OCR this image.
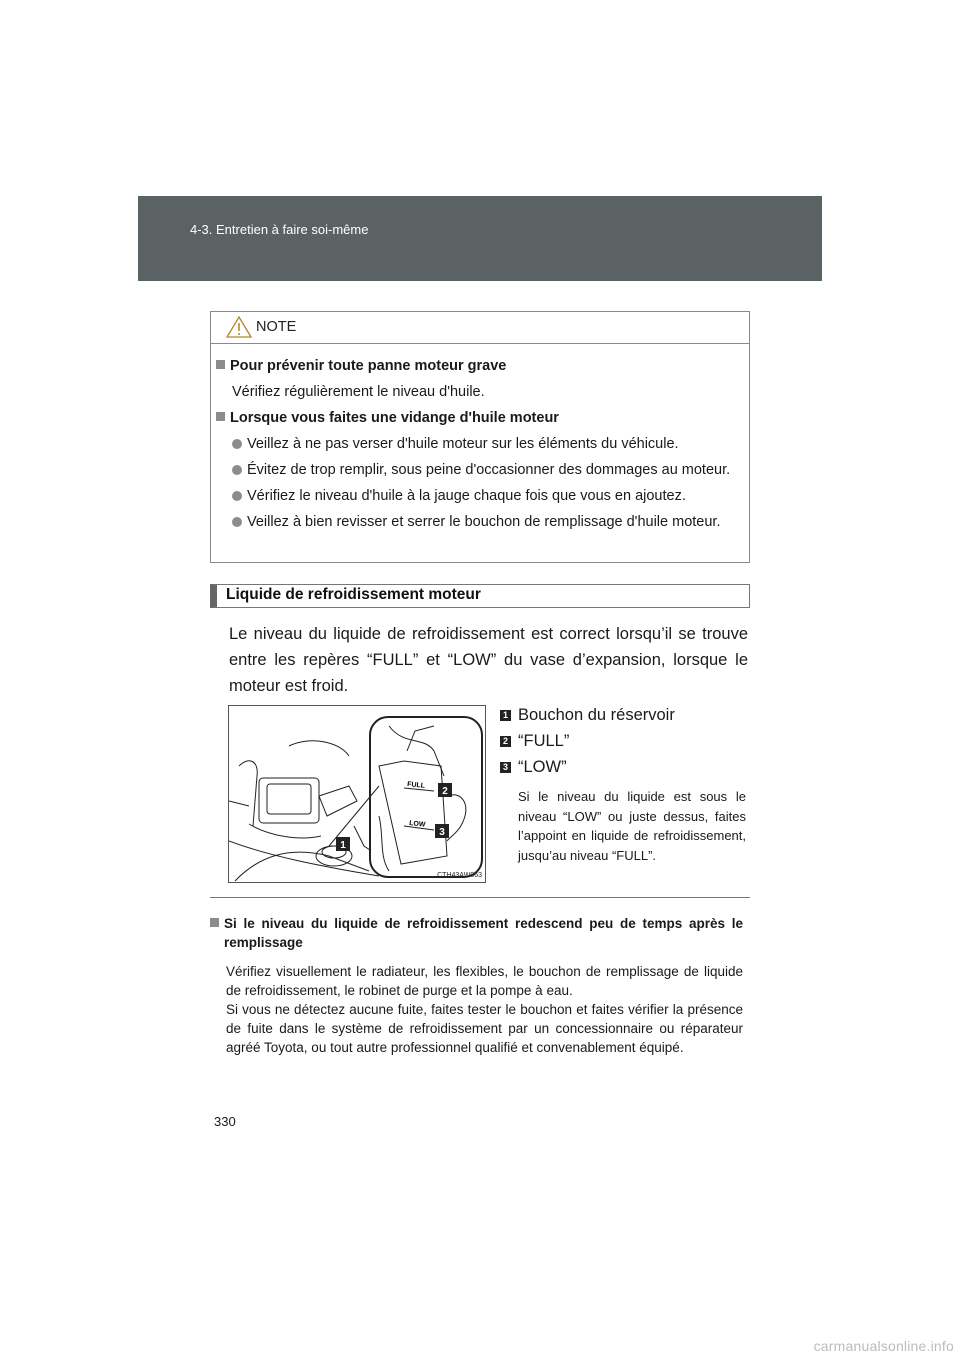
4-3. Entretien à faire soi-même
NOTE
Pour prévenir toute panne moteur grave
Vérifiez régulièrement le niveau d'huile.
Lorsque vous faites une vidange d'huile moteur
Veillez à ne pas verser d'huile moteur sur les éléments du véhicule.
Évitez de trop remplir, sous peine d'occasionner des dommages au moteur.
Vérifiez le niveau d'huile à la jauge chaque fois que vous en ajoutez.
Veillez à bien revisser et serrer le bouchon de remplissage d'huile moteur.
Liquide de refroidissement moteur
Le niveau du liquide de refroidissement est correct lorsqu’il se trouve entre les repères “FULL” et “LOW” du vase d’expansion, lorsque le moteur est froid.
FULL
LOW
2
3
1
CTH43AW063
1 Bouchon du réservoir
2 “FULL”
3 “LOW”
Si le niveau du liquide est sous le niveau “LOW” ou juste dessus, faites l’appoint en liquide de refroidissement, jusqu’au niveau “FULL”.
Si le niveau du liquide de refroidissement redescend peu de temps après le remplissage
Vérifiez visuellement le radiateur, les flexibles, le bouchon de remplissage de liquide de refroidissement, le robinet de purge et la pompe à eau.
Si vous ne détectez aucune fuite, faites tester le bouchon et faites vérifier la présence de fuite dans le système de refroidissement par un concessionnaire ou réparateur agréé Toyota, ou tout autre professionnel qualifié et convenablement équipé.
330
carmanualsonline.info
